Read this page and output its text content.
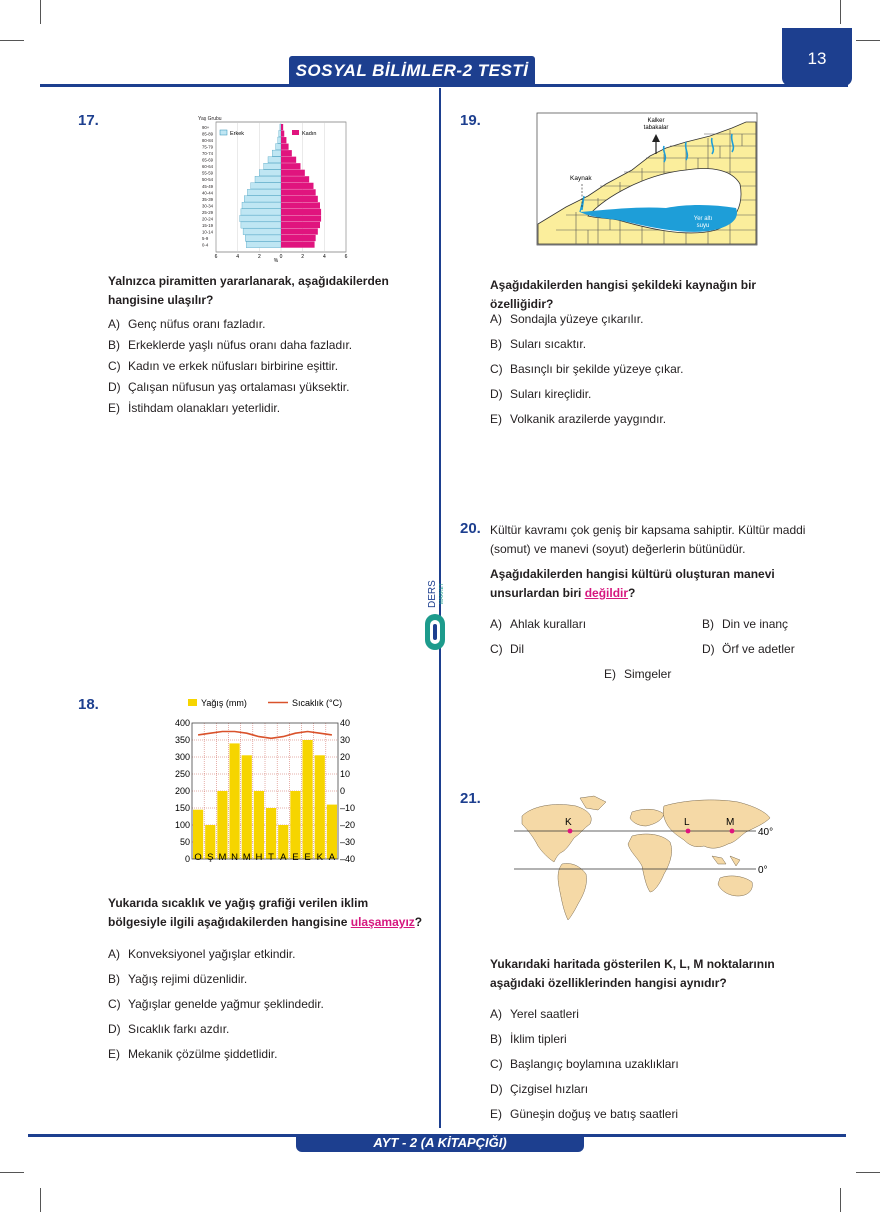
SOSYAL BİLİMLER-2 TESTİ
13
17.	Yaş Grubu
90+
85-89
80-84
75-79
70-74
65-69
60-64
55-59
50-54
45-49
40-44
35-39
30-34
25-29
20-24
15-19
10-14
5-9
0-4
6	4	2	0	2	4	6
%
Erkek	Kadın
Yalnızca piramitten yararlanarak, aşağıdakilerden hangisine ulaşılır?
A) Genç nüfus oranı fazladır.
B) Erkeklerde yaşlı nüfus oranı daha fazladır.
C) Kadın ve erkek nüfusları birbirine eşittir.
D) Çalışan nüfusun yaş ortalaması yüksektir.
E) İstihdam olanakları yeterlidir.
18.	Yağış (mm)	Sıcaklık (°C)
0
50
100
150
200
250
300
350
400
–40
–30
–20
–10
0
10
20
30
40
O Ş M N M H T A E E K A
Yukarıda sıcaklık ve yağış grafiği verilen iklim bölgesiyle ilgili aşağıdakilerden hangisine ulaşamayız?
A) Konveksiyonel yağışlar etkindir.
B) Yağış rejimi düzenlidir.
C) Yağışlar genelde yağmur şeklindedir.
D) Sıcaklık farkı azdır.
E) Mekanik çözülme şiddetlidir.
19.	Kalker
tabakalar
Kaynak
Yer altı
suyu
Aşağıdakilerden hangisi şekildeki kaynağın bir özelliğidir?
A) Sondajla yüzeye çıkarılır.
B) Suları sıcaktır.
C) Basınçlı bir şekilde yüzeye çıkar.
D) Suları kireçlidir.
E) Volkanik arazilerde yaygındır.
DERS MARKET
20. Kültür kavramı çok geniş bir kapsama sahiptir. Kültür maddi (somut) ve manevi (soyut) değerlerin bütünüdür.
Aşağıdakilerden hangisi kültürü oluşturan manevi unsurlardan biri değildir?
A) Ahlak kuralları	B) Din ve inanç
C) Dil	D) Örf ve adetler
E) Simgeler
21.
40°
0°
K	L	M
Yukarıdaki haritada gösterilen K, L, M noktalarının aşağıdaki özelliklerinden hangisi aynıdır?
A) Yerel saatleri
B) İklim tipleri
C) Başlangıç boylamına uzaklıkları
D) Çizgisel hızları
E) Güneşin doğuş ve batış saatleri
AYT - 2 (A KİTAPÇIĞI)
